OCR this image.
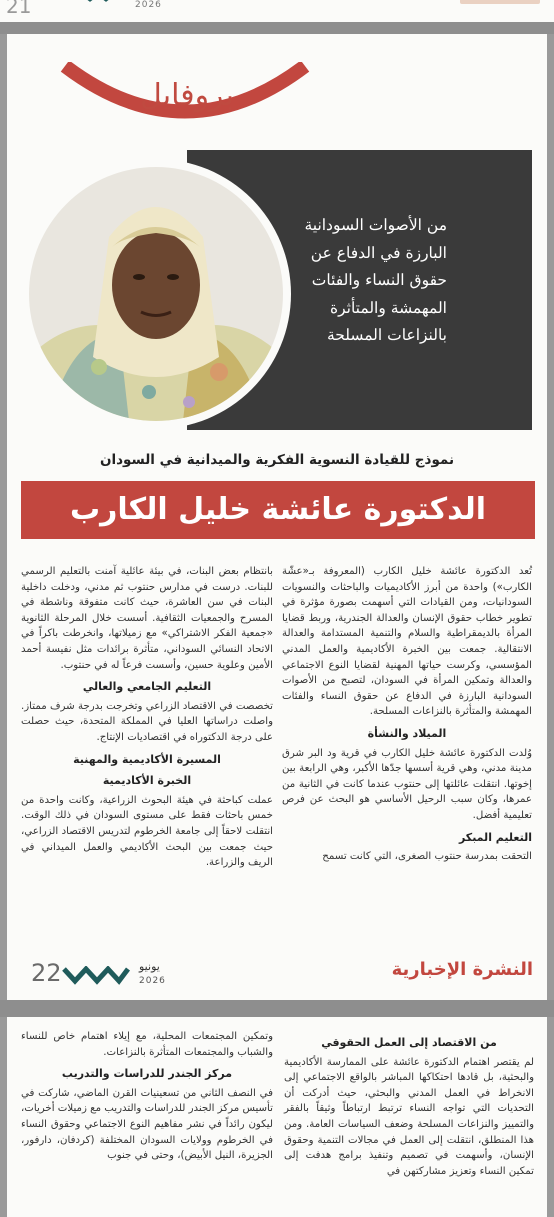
21	2026
بروفايل
من الأصوات السودانية
البارزة في الدفاع عن
حقوق النساء والفئات
المهمشة والمتأثرة
بالنزاعات المسلحة
نموذج للقيادة النسوية الفكرية والميدانية في السودان
الدكتورة عائشة خليل الكارب

تُعد الدكتورة عائشة خليل الكارب (المعروفة بـ«عشّة الكارب») واحدة من أبرز الأكاديميات والباحثات والنسويات السودانيات، ومن القيادات التي أسهمت بصورة مؤثرة في تطوير خطاب حقوق الإنسان والعدالة الجندرية، وربط قضايا المرأة بالديمقراطية والسلام والتنمية المستدامة والعدالة الانتقالية. جمعت بين الخبرة الأكاديمية والعمل المدني المؤسسي، وكرست حياتها المهنية لقضايا النوع الاجتماعي والعدالة وتمكين المرأة في السودان، لتصبح من الأصوات السودانية البارزة في الدفاع عن حقوق النساء والفئات المهمشة والمتأثرة بالنزاعات المسلحة.

الميلاد والنشأة

وُلدت الدكتورة عائشة خليل الكارب في قرية ود البر شرق مدينة مدني، وهي قرية أسسها جدّها الأكبر، وهي الرابعة بين إخوتها. انتقلت عائلتها إلى حنتوب عندما كانت في الثانية من عمرها، وكان سبب الرحيل الأساسي هو البحث عن فرص تعليمية أفضل.

التعليم المبكر

التحقت بمدرسة حنتوب الصغرى، التي كانت تسمح

بانتظام بعض البنات، في بيئة عائلية آمنت بالتعليم الرسمي للبنات. درست في مدارس حنتوب ثم مدني، ودخلت داخلية البنات في سن العاشرة، حيث كانت متفوقة وناشطة في المسرح والجمعيات الثقافية. أسست خلال المرحلة الثانوية «جمعية الفكر الاشتراكي» مع زميلاتها، وانخرطت باكراً في الاتحاد النسائي السوداني، متأثرة برائدات مثل نفيسة أحمد الأمين وعلوية حسين، وأسست فرعاً له في حنتوب.

التعليم الجامعي والعالي

تخصصت في الاقتصاد الزراعي وتخرجت بدرجة شرف ممتاز. واصلت دراساتها العليا في المملكة المتحدة، حيث حصلت على درجة الدكتوراه في اقتصاديات الإنتاج.

المسيرة الأكاديمية والمهنية
الخبرة الأكاديمية

عملت كباحثة في هيئة البحوث الزراعية، وكانت واحدة من خمس باحثات فقط على مستوى السودان في ذلك الوقت. انتقلت لاحقاً إلى جامعة الخرطوم لتدريس الاقتصاد الزراعي، حيث جمعت بين البحث الأكاديمي والعمل الميداني في الريف والزراعة.

22	يونيو
2026
النشرة الإخبارية
من الاقتصاد إلى العمل الحقوقي

لم يقتصر اهتمام الدكتورة عائشة على الممارسة الأكاديمية والبحثية، بل قادها احتكاكها المباشر بالواقع الاجتماعي إلى الانخراط في العمل المدني والبحثي، حيث أدركت أن التحديات التي تواجه النساء ترتبط ارتباطاً وثيقاً بالفقر والتمييز والنزاعات المسلحة وضعف السياسات العامة. ومن هذا المنطلق، انتقلت إلى العمل في مجالات التنمية وحقوق الإنسان، وأسهمت في تصميم وتنفيذ برامج هدفت إلى تمكين النساء وتعزيز مشاركتهن في

وتمكين المجتمعات المحلية، مع إيلاء اهتمام خاص للنساء والشباب والمجتمعات المتأثرة بالنزاعات.

مركز الجندر للدراسات والتدريب

في النصف الثاني من تسعينيات القرن الماضي، شاركت في تأسيس مركز الجندر للدراسات والتدريب مع زميلات أخريات، ليكون رائداً في نشر مفاهيم النوع الاجتماعي وحقوق النساء في الخرطوم وولايات السودان المختلفة (كردفان، دارفور، الجزيرة، النيل الأبيض)، وحتى في جنوب
